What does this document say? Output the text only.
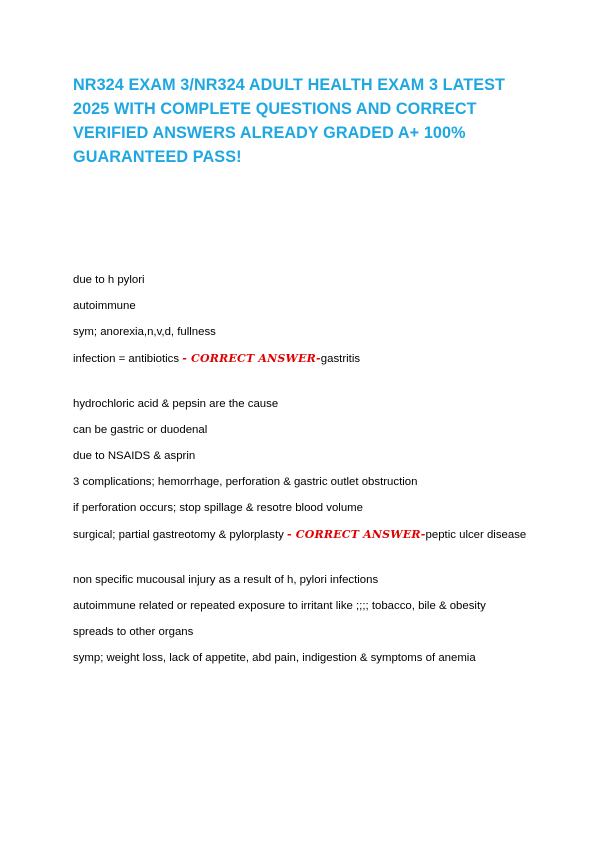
NR324 EXAM 3/NR324 ADULT HEALTH EXAM 3 LATEST 2025 WITH COMPLETE QUESTIONS AND CORRECT VERIFIED ANSWERS ALREADY GRADED A+ 100% GUARANTEED PASS!

due to h pylori

autoimmune

sym; anorexia,n,v,d, fullness

infection = antibiotics - CORRECT ANSWER-gastritis

hydrochloric acid & pepsin are the cause

can be gastric or duodenal

due to NSAIDS & asprin

3 complications; hemorrhage, perforation & gastric outlet obstruction

if perforation occurs; stop spillage & resotre blood volume

surgical; partial gastreotomy & pylorplasty - CORRECT ANSWER-peptic ulcer disease

non specific mucousal injury as a result of h, pylori infections

autoimmune related or repeated exposure to irritant like ;;;; tobacco, bile & obesity

spreads to other organs

symp; weight loss, lack of appetite, abd pain, indigestion & symptoms of anemia
